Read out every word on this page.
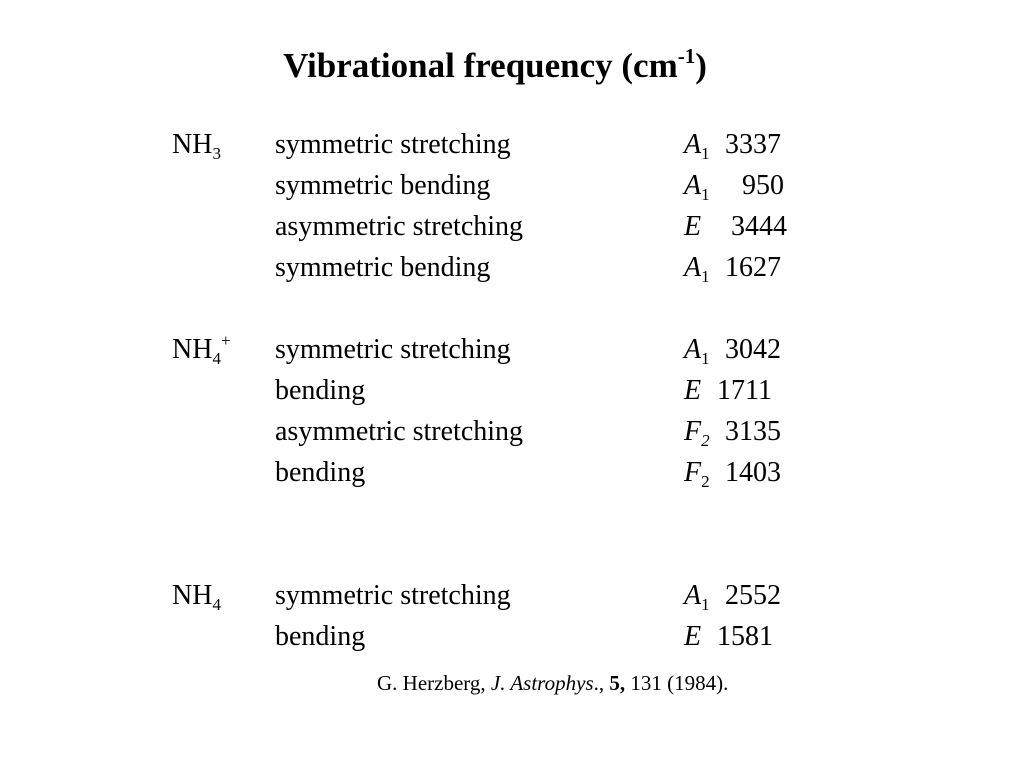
Vibrational frequency $(cm^{-1})$
$NH_3$ symmetric stretching	$A_1$ 3337
symmetric bending	$A_1$ 950
asymmetric stretching	E 3444
symmetric bending	$A_1$ 1627
$NH_4^+$ symmetric stretching	$A_1$ 3042
bending	E 1711
asymmetric stretching	$F_2$ 3135
bending	$F_2$ 1403
$NH_4$ symmetric stretching	$A_1$ 2552
bending	E 1581
G. Herzberg, J. Astrophys., 5, 131 (1984).
